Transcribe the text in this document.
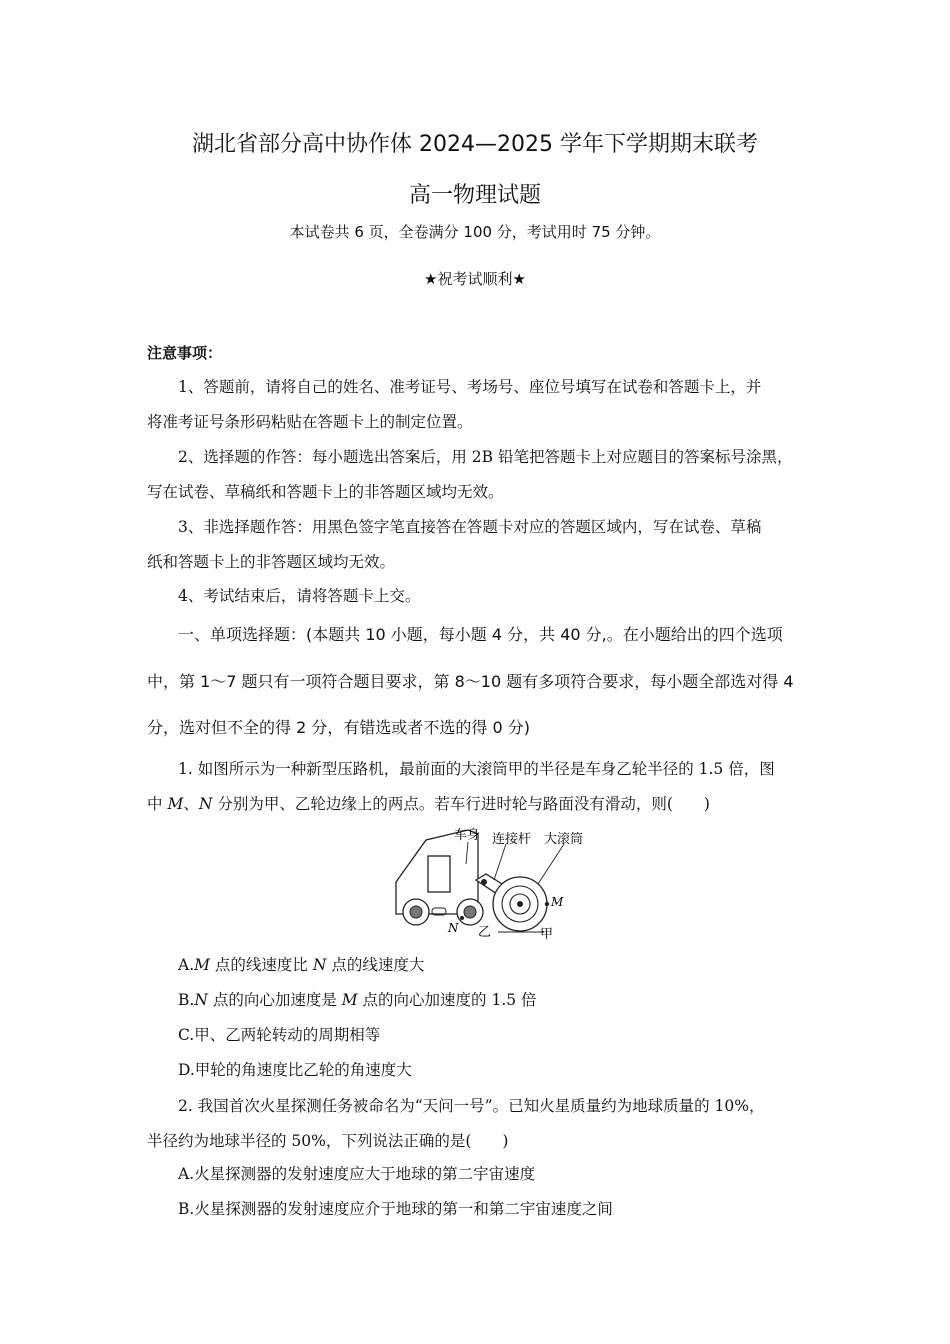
湖北省部分高中协作体 2024—2025 学年下学期期末联考
高一物理试题
本试卷共 6 页，全卷满分 100 分，考试用时 75 分钟。
★祝考试顺利★
注意事项：
1、答题前，请将自己的姓名、准考证号、考场号、座位号填写在试卷和答题卡上，并
将准考证号条形码粘贴在答题卡上的制定位置。
2、选择题的作答：每小题选出答案后，用 2B 铅笔把答题卡上对应题目的答案标号涂黑，
写在试卷、草稿纸和答题卡上的非答题区域均无效。
3、非选择题作答：用黑色签字笔直接答在答题卡对应的答题区域内，写在试卷、草稿
纸和答题卡上的非答题区域均无效。
4、考试结束后，请将答题卡上交。
一、单项选择题：(本题共 10 小题，每小题 4 分，共 40 分,。在小题给出的四个选项
中，第 1～7 题只有一项符合题目要求，第 8～10 题有多项符合要求，每小题全部选对得 4
分，选对但不全的得 2 分，有错选或者不选的得 0 分)
1. 如图所示为一种新型压路机，最前面的大滚筒甲的半径是车身乙轮半径的 1.5 倍，图
中 M、N 分别为甲、乙轮边缘上的两点。若车行进时轮与路面没有滑动，则(　　)
车身 连接杆 大滚筒
M
N 乙	甲
A.M 点的线速度比 N 点的线速度大
B.N 点的向心加速度是 M 点的向心加速度的 1.5 倍
C.甲、乙两轮转动的周期相等
D.甲轮的角速度比乙轮的角速度大
2. 我国首次火星探测任务被命名为“天问一号”。已知火星质量约为地球质量的 10%，
半径约为地球半径的 50%，下列说法正确的是(　　)
A.火星探测器的发射速度应大于地球的第二宇宙速度
B.火星探测器的发射速度应介于地球的第一和第二宇宙速度之间
